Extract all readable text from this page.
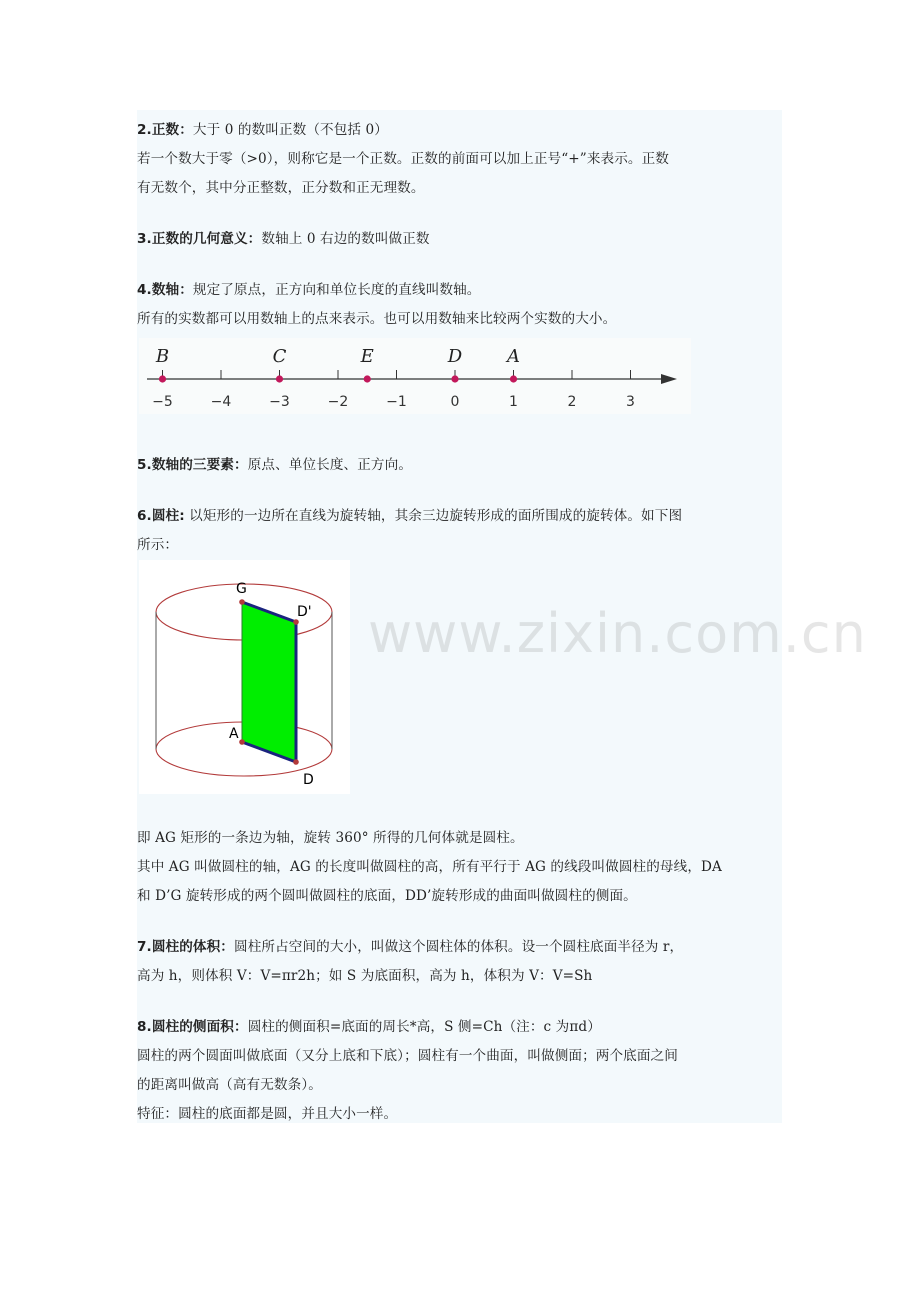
2.正数：大于 0 的数叫正数（不包括 0）
若一个数大于零（>0），则称它是一个正数。正数的前面可以加上正号“+”来表示。正数
有无数个，其中分正整数，正分数和正无理数。
3.正数的几何意义：数轴上 0 右边的数叫做正数
4.数轴：规定了原点，正方向和单位长度的直线叫数轴。
所有的实数都可以用数轴上的点来表示。也可以用数轴来比较两个实数的大小。
−5	−4	−3	−2	−1	0	1	2	3
B	C	E	D A
5.数轴的三要素：原点、单位长度、正方向。
6.圆柱: 以矩形的一边所在直线为旋转轴，其余三边旋转形成的面所围成的旋转体。如下图
所示：
G
D'
A
D
www.zixin.com.cn
即 AG 矩形的一条边为轴，旋转 360° 所得的几何体就是圆柱。
其中 AG 叫做圆柱的轴，AG 的长度叫做圆柱的高，所有平行于 AG 的线段叫做圆柱的母线，DA
和 D’G 旋转形成的两个圆叫做圆柱的底面，DD’旋转形成的曲面叫做圆柱的侧面。
7.圆柱的体积：圆柱所占空间的大小，叫做这个圆柱体的体积。设一个圆柱底面半径为 r，
高为 h，则体积 V：V=πr2h；如 S 为底面积，高为 h，体积为 V：V=Sh
8.圆柱的侧面积：圆柱的侧面积=底面的周长*高，S 侧=Ch（注：c 为πd）
圆柱的两个圆面叫做底面（又分上底和下底）；圆柱有一个曲面，叫做侧面；两个底面之间
的距离叫做高（高有无数条）。
特征：圆柱的底面都是圆，并且大小一样。
